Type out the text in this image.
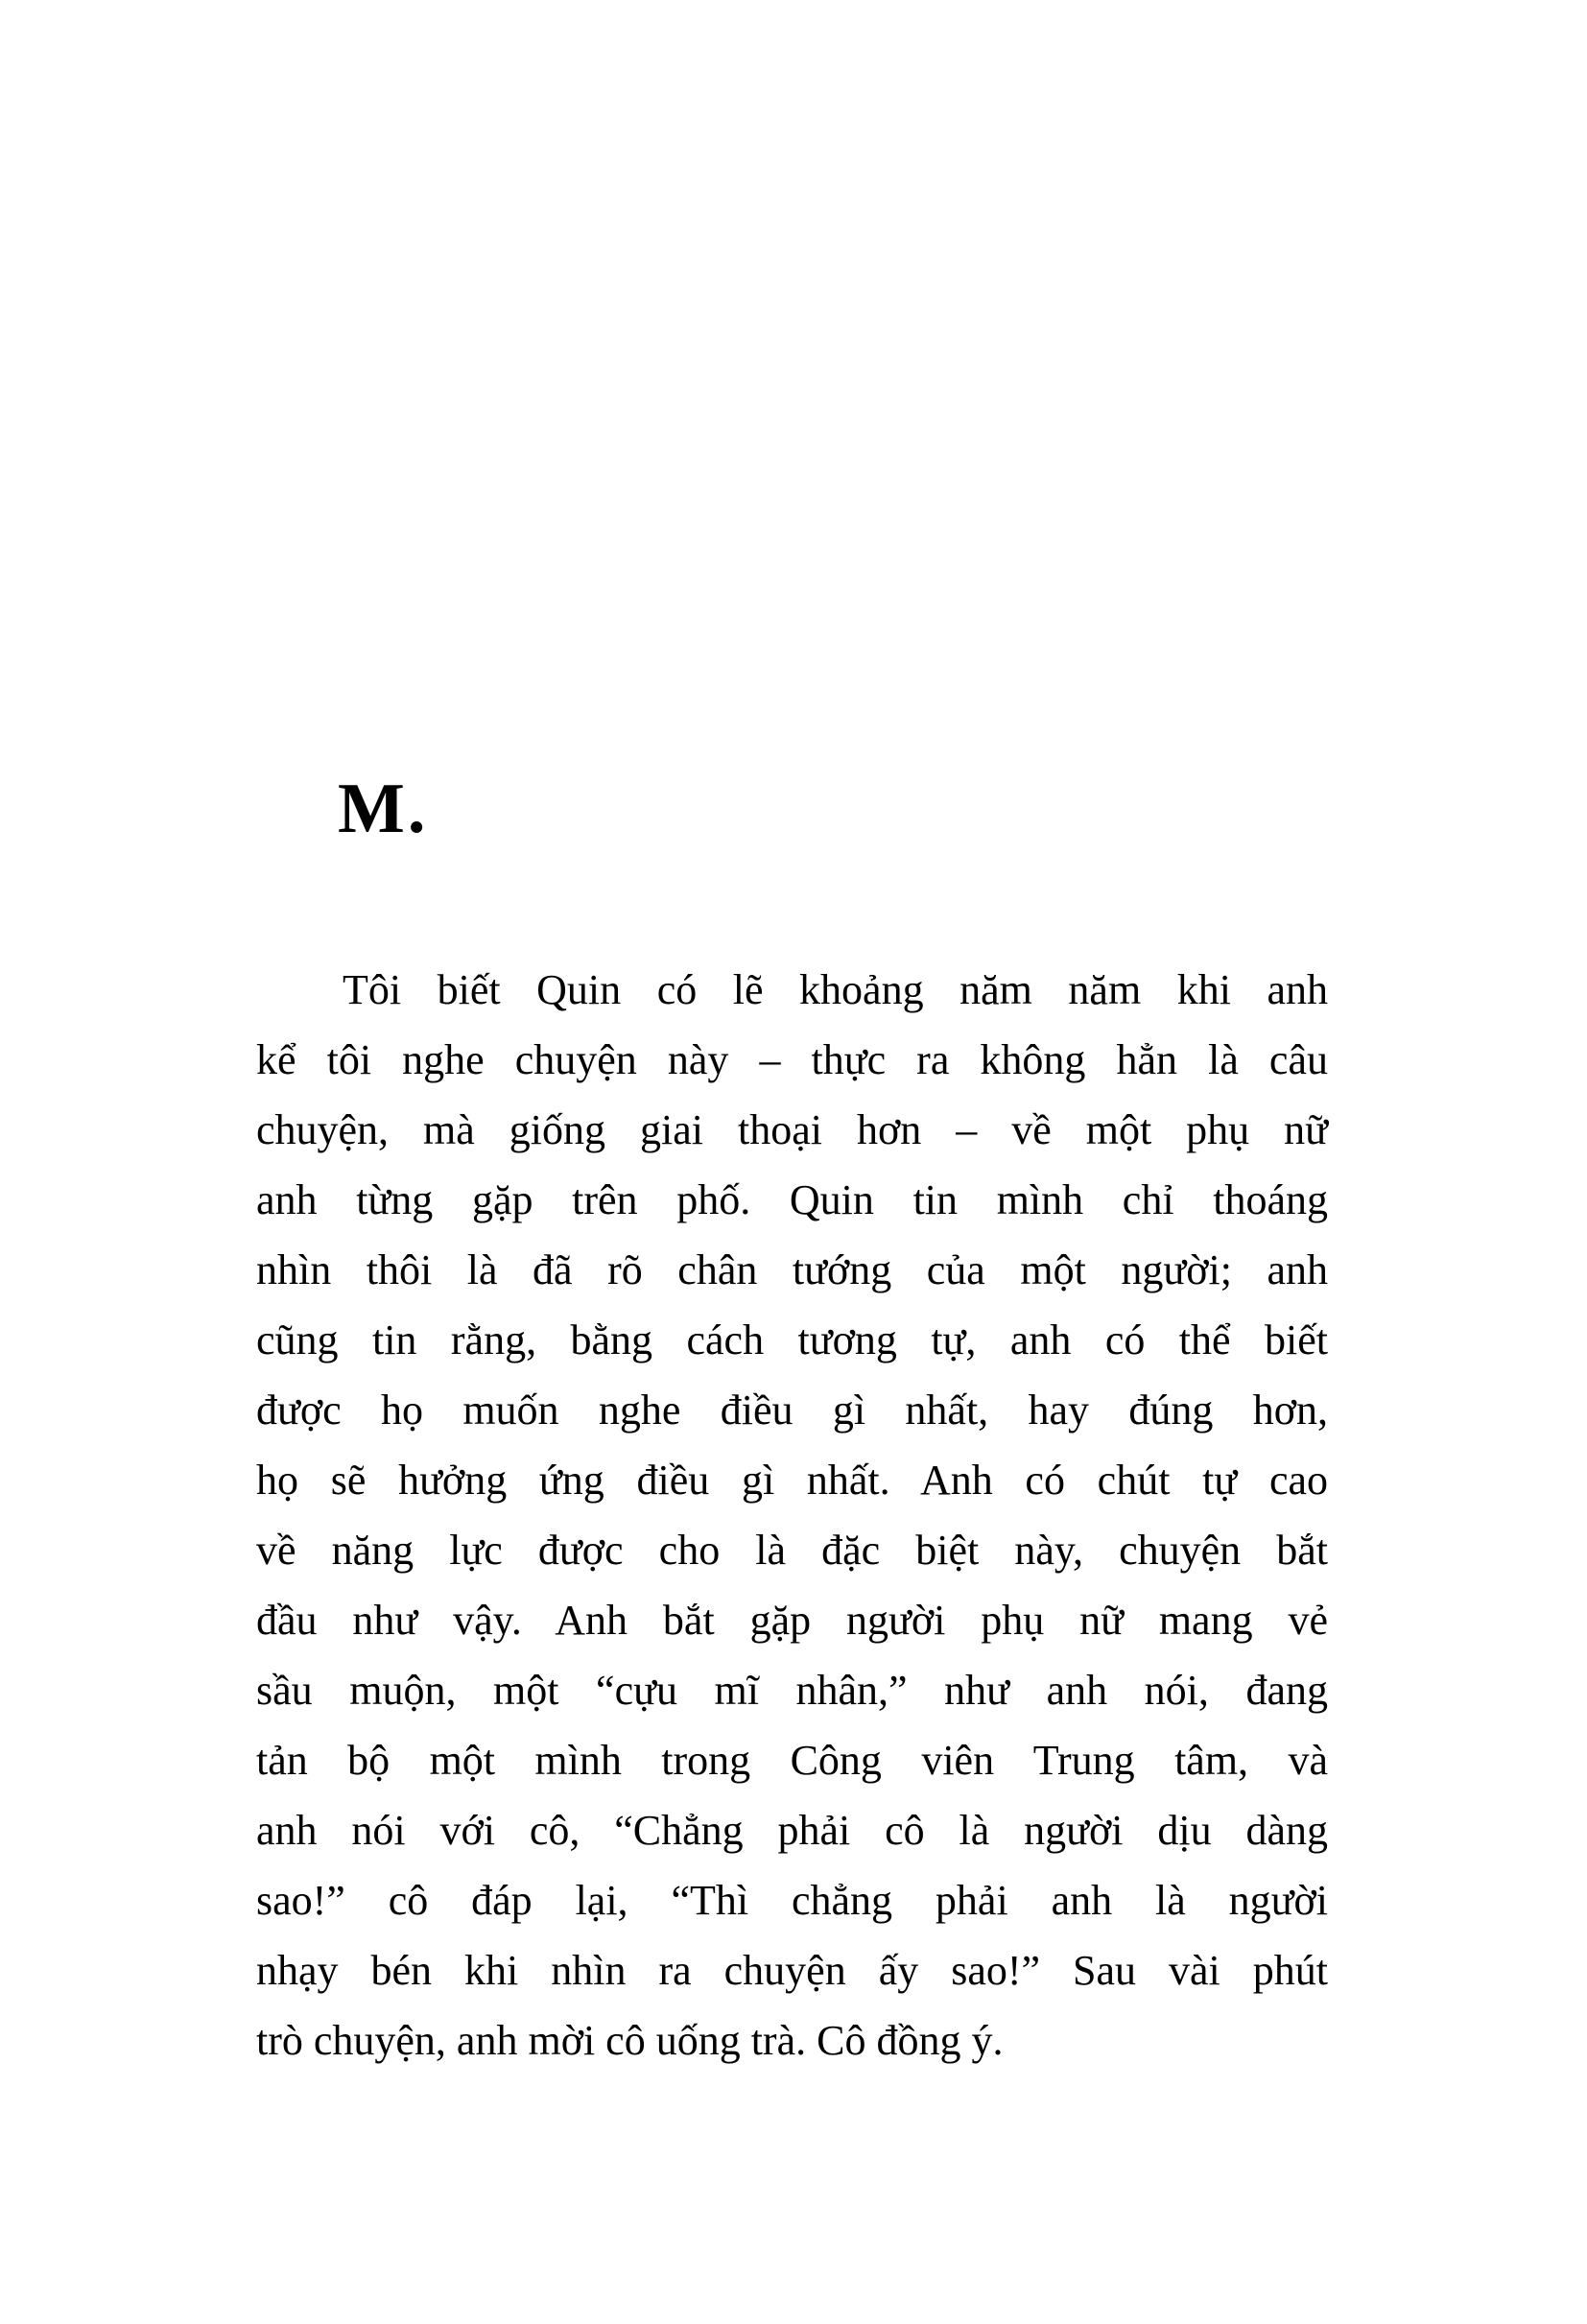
M.
Tôi biết Quin có lẽ khoảng năm năm khi anh
kể tôi nghe chuyện này – thực ra không hẳn là câu
chuyện, mà giống giai thoại hơn – về một phụ nữ
anh từng gặp trên phố. Quin tin mình chỉ thoáng
nhìn thôi là đã rõ chân tướng của một người; anh
cũng tin rằng, bằng cách tương tự, anh có thể biết
được họ muốn nghe điều gì nhất, hay đúng hơn,
họ sẽ hưởng ứng điều gì nhất. Anh có chút tự cao
về năng lực được cho là đặc biệt này, chuyện bắt
đầu như vậy. Anh bắt gặp người phụ nữ mang vẻ
sầu muộn, một “cựu mĩ nhân,” như anh nói, đang
tản bộ một mình trong Công viên Trung tâm, và
anh nói với cô, “Chẳng phải cô là người dịu dàng
sao!” cô đáp lại, “Thì chẳng phải anh là người
nhạy bén khi nhìn ra chuyện ấy sao!” Sau vài phút
trò chuyện, anh mời cô uống trà. Cô đồng ý.
